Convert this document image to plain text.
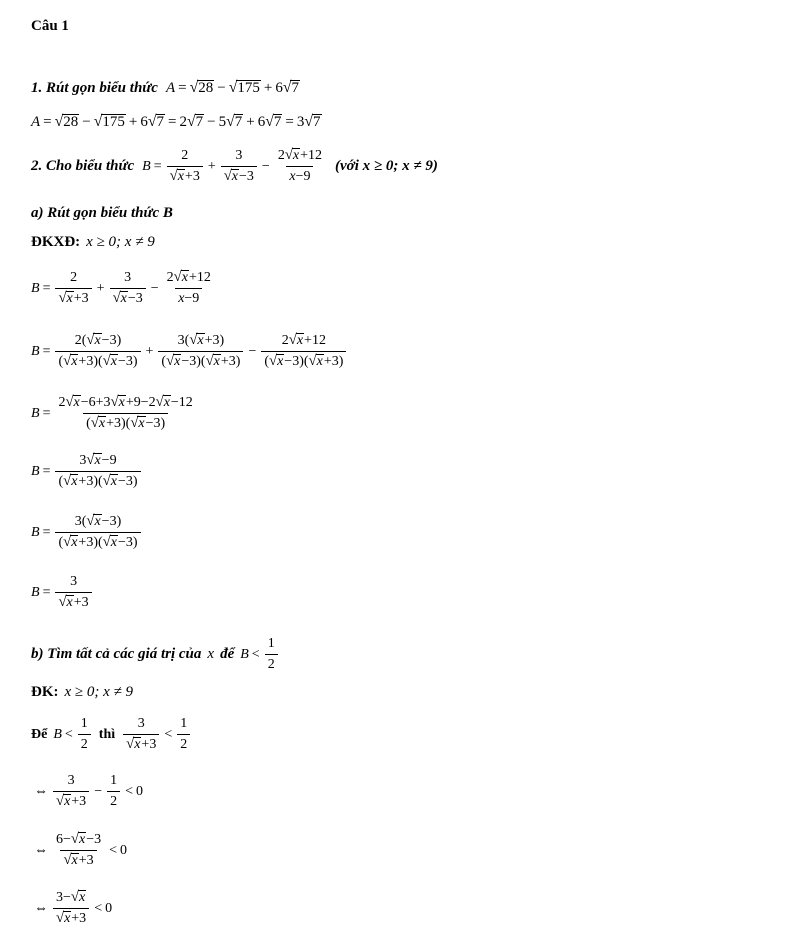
Câu 1
1. Rút gọn biểu thức A = √ 28 − √ 175 + 6 √ 7
A = √ 28 − √ 175 + 6 √ 7 = 2 √ 7 − 5 √ 7 + 6 √ 7 = 3 √ 7
2. Cho biểu thức $B = \frac{2}{√ x +3} + \frac{3}{√ x -3} - \frac{2 √ x +12}{x-9}$ (với x ≥ 0; x ≠ 9)
a) Rút gọn biểu thức B
ĐKXĐ: x ≥ 0; x ≠ 9
$B = \frac{2}{√ x +3} + \frac{3}{√ x -3} - \frac{2 √ x +12}{x-9}$
$B = \frac{2( √ x -3)}{( √ x +3)( √ x -3)} + \frac{3( √ x +3)}{( √ x -3)( √ x +3)} - \frac{2 √ x +12}{( √ x -3)( √ x +3)}$
$B = \frac{2 √ x -6+3 √ x +9-2 √ x -12}{( √ x +3)( √ x -3)}$
$B = \frac{3 √ x -9}{( √ x +3)( √ x -3)}$
$B = \frac{3( √ x -3)}{( √ x +3)( √ x -3)}$
$B = \frac{3}{√ x +3}$
b) Tìm tất cả các giá trị của x để $B < \frac{1}{2}$
ĐK: x ≥ 0; x ≠ 9
Để $B < \frac{1}{2}$ thì $\frac{3}{√ x +3} < \frac{1}{2}$
⇔ $\frac{3}{√ x +3} - \frac{1}{2} < 0$
⇔ $\frac{6- √ x -3}{√ x +3} < 0$
⇔ $\frac{3- √ x}{√ x +3} < 0$
